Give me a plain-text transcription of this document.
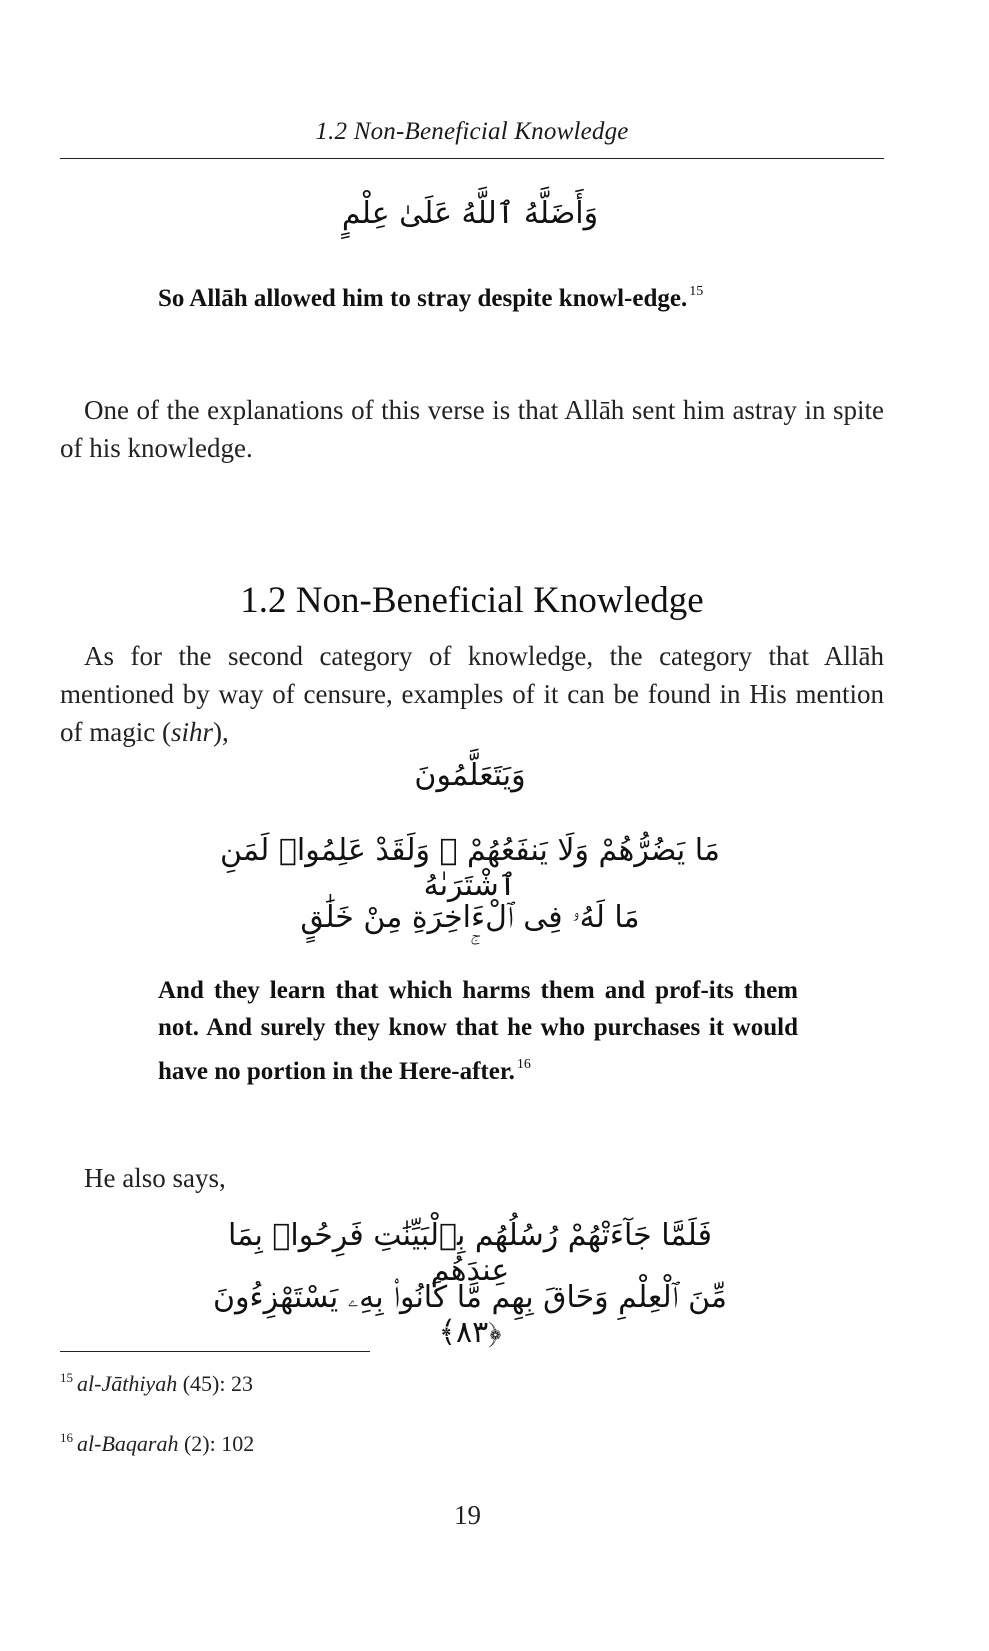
1.2 Non-Beneficial Knowledge
وَأَضَلَّهُ ٱللَّهُ عَلَىٰ عِلْمٍ
So Allāh allowed him to stray despite knowl-edge. $^{15}$
One of the explanations of this verse is that Allāh sent him astray in spite of his knowledge.
1.2 Non-Beneficial Knowledge
As for the second category of knowledge, the category that Allāh mentioned by way of censure, examples of it can be found in His mention of magic (sihr),
وَيَتَعَلَّمُونَ
مَا يَضُرُّهُمْ وَلَا يَنفَعُهُمْ ۚ وَلَقَدْ عَلِمُوا۟ لَمَنِ ٱشْتَرَىٰهُ
مَا لَهُۥ فِى ٱلْءَاخِرَةِ مِنْ خَلَٰقٍ
And they learn that which harms them and prof-its them not. And surely they know that he who purchases it would have no portion in the Here-after. $^{16}$
He also says,
فَلَمَّا جَآءَتْهُمْ رُسُلُهُم بِٱلْبَيِّنَٰتِ فَرِحُوا۟ بِمَا عِندَهُم
مِّنَ ٱلْعِلْمِ وَحَاقَ بِهِم مَّا كَانُوا۟ بِهِۦ يَسْتَهْزِءُونَ ﴿٨٣﴾
$^{15}$ al-Jāthiyah (45): 23
$^{16}$ al-Baqarah (2): 102
19
